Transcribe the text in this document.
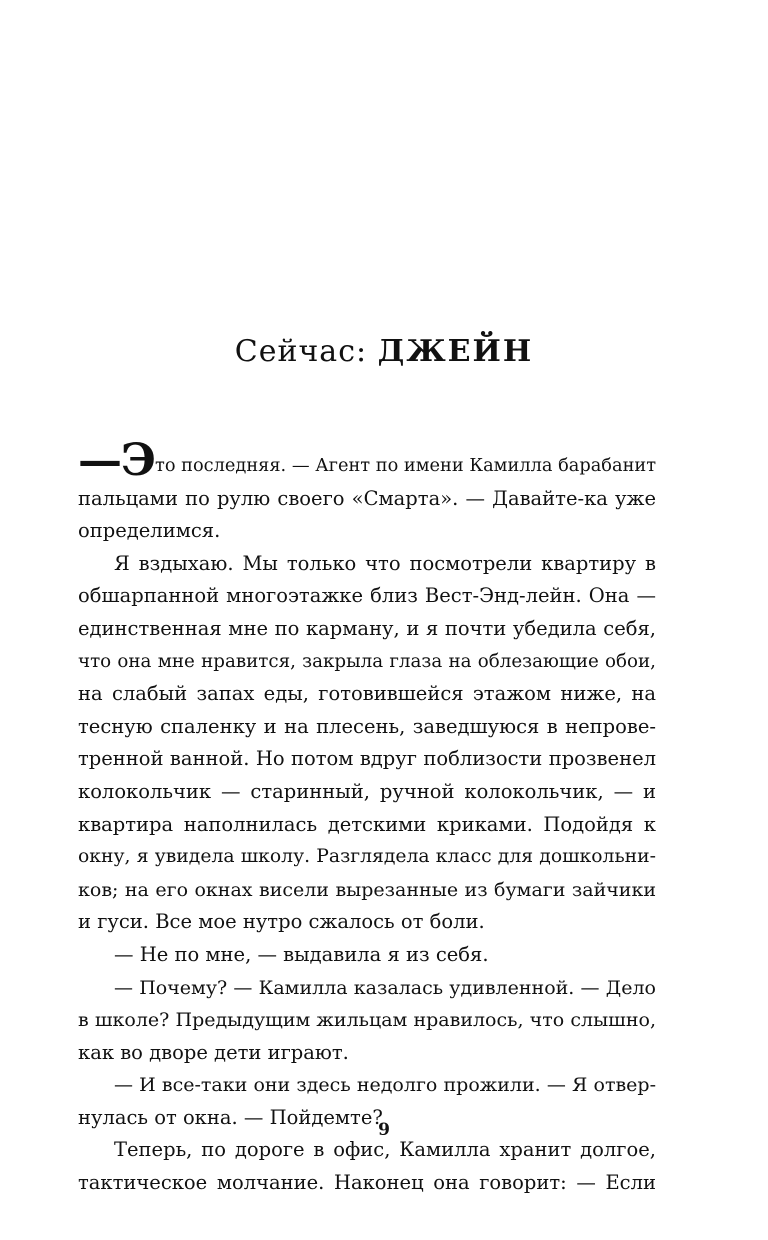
Сейчас: ДЖЕЙН
—Это последняя. — Агент по имени Камилла барабанит
пальцами по рулю своего «Смарта». — Давайте-ка уже
определимся.
Я вздыхаю. Мы только что посмотрели квартиру в
обшарпанной многоэтажке близ Вест-Энд-лейн. Она —
единственная мне по карману, и я почти убедила себя,
что она мне нравится, закрыла глаза на облезающие обои,
на слабый запах еды, готовившейся этажом ниже, на
тесную спаленку и на плесень, заведшуюся в непрове-
тренной ванной. Но потом вдруг поблизости прозвенел
колокольчик — старинный, ручной колокольчик, — и
квартира наполнилась детскими криками. Подойдя к
окну, я увидела школу. Разглядела класс для дошкольни-
ков; на его окнах висели вырезанные из бумаги зайчики
и гуси. Все мое нутро сжалось от боли.
— Не по мне, — выдавила я из себя.
— Почему? — Камилла казалась удивленной. — Дело
в школе? Предыдущим жильцам нравилось, что слышно,
как во дворе дети играют.
— И все-таки они здесь недолго прожили. — Я отвер-
нулась от окна. — Пойдемте?
Теперь, по дороге в офис, Камилла хранит долгое,
тактическое молчание. Наконец она говорит: — Если
9
